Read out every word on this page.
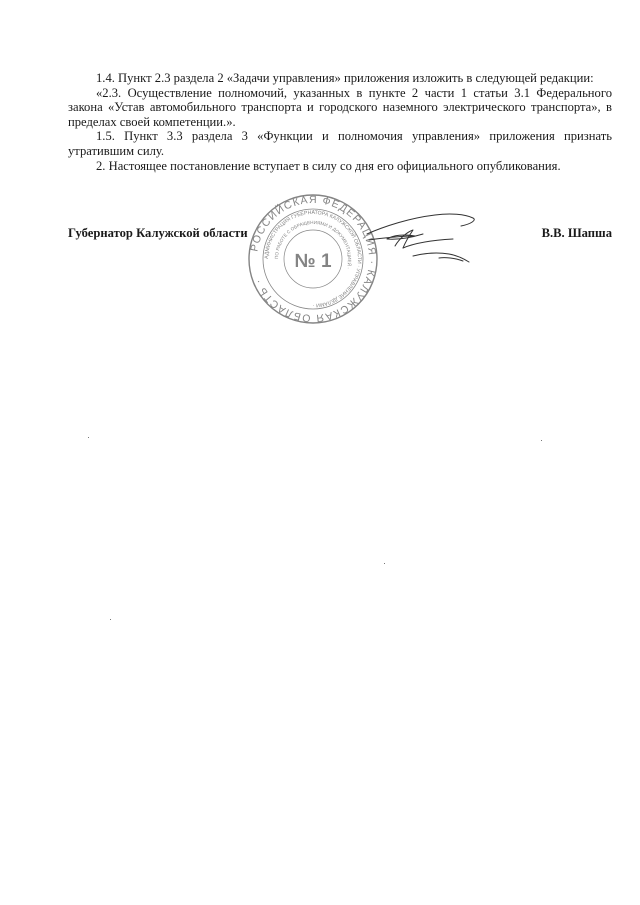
1.4. Пункт 2.3 раздела 2 «Задачи управления» приложения изложить в следующей редакции:

«2.3. Осуществление полномочий, указанных в пункте 2 части 1 статьи 3.1 Федерального закона «Устав автомобильного транспорта и городского наземного электрического транспорта», в пределах своей компетенции.».

1.5. Пункт 3.3 раздела 3 «Функции и полномочия управления» приложения признать утратившим силу.

2. Настоящее постановление вступает в силу со дня его официального опубликования.

Губернатор Калужской области	В.В. Шапша
РОССИЙСКАЯ ФЕДЕРАЦИЯ · КАЛУЖСКАЯ ОБЛАСТЬ ·
АДМИНИСТРАЦИЯ ГУБЕРНАТОРА КАЛУЖСКОЙ ОБЛАСТИ · УПРАВЛЕНИЕ ДЕЛАМИ ·
ПО РАБОТЕ С ОБРАЩЕНИЯМИ И ДОКУМЕНТАЦИЕЙ ·
№ 1
